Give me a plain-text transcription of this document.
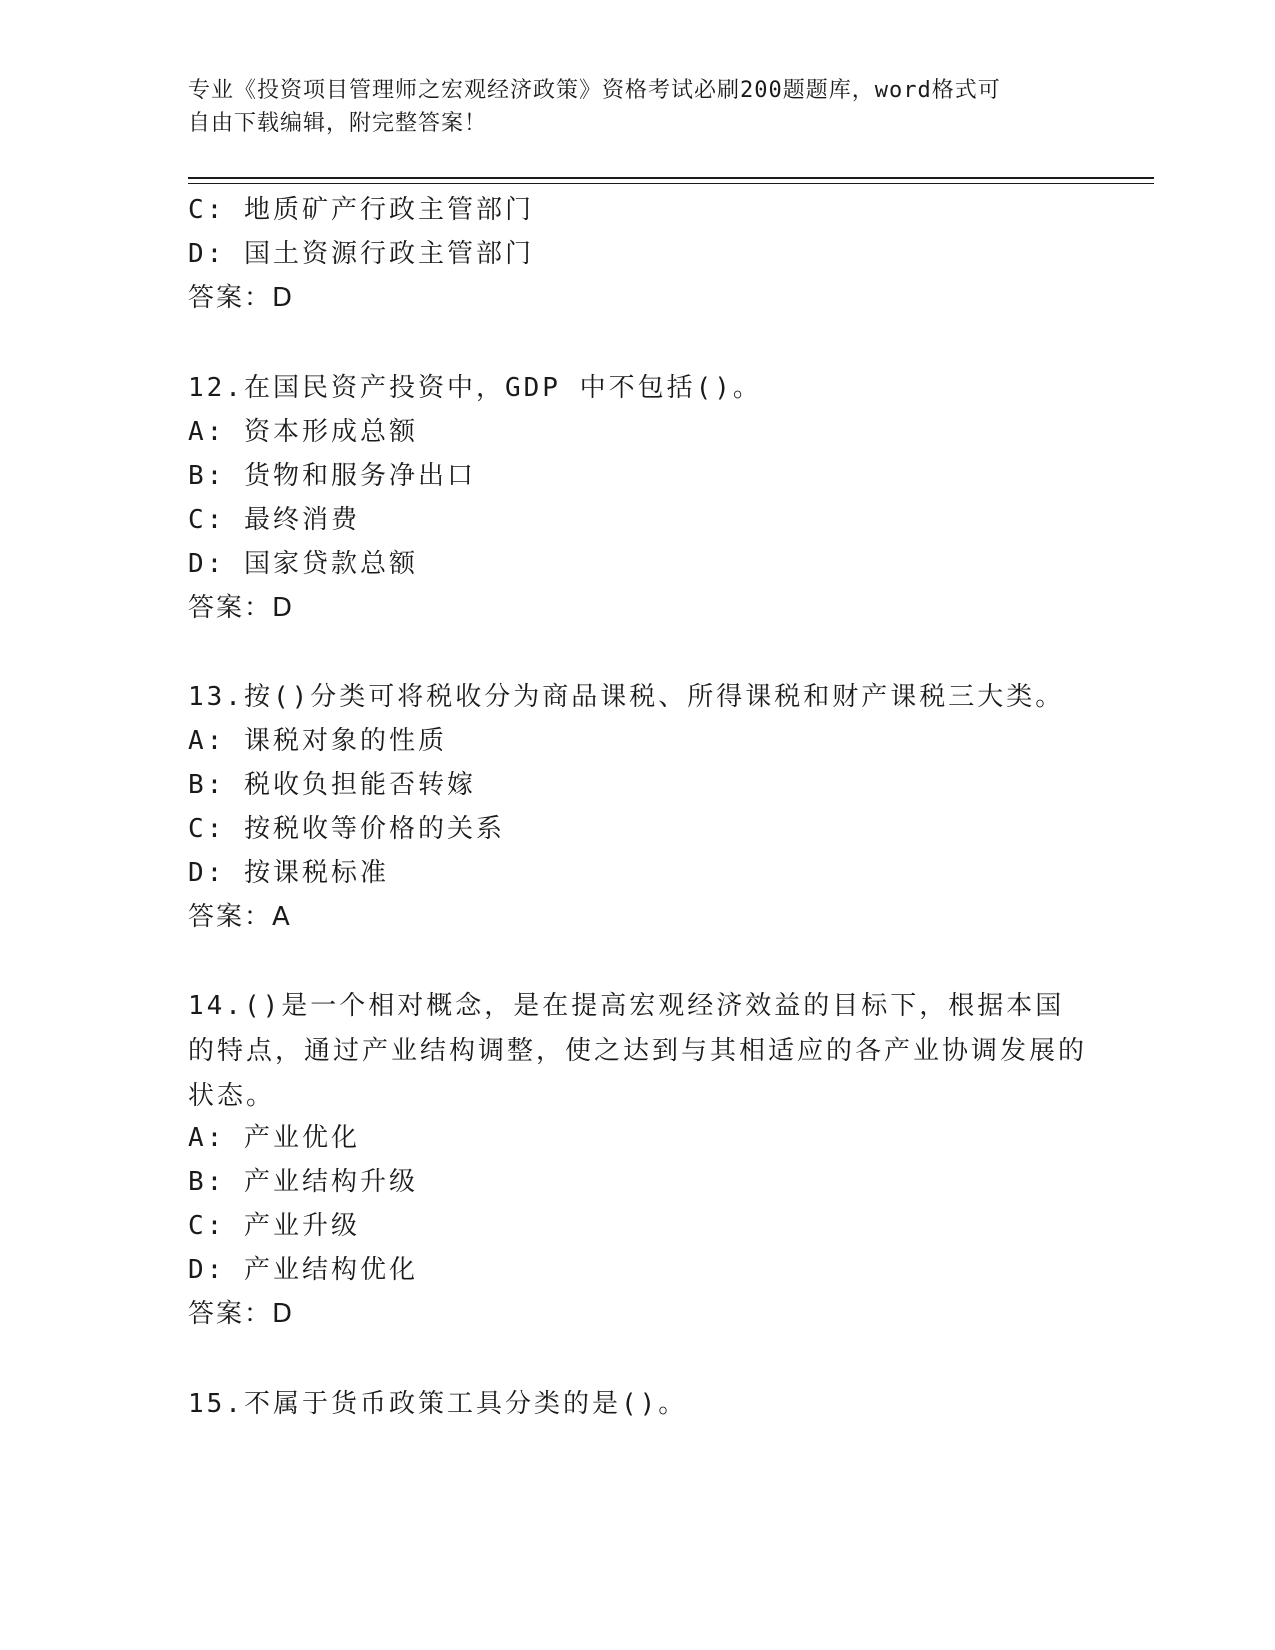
专业《投资项目管理师之宏观经济政策》资格考试必刷200题题库，word格式可
自由下载编辑，附完整答案！
C: 地质矿产行政主管部门
D: 国土资源行政主管部门
答案：D
12.在国民资产投资中，GDP 中不包括()。
A: 资本形成总额
B: 货物和服务净出口
C: 最终消费
D: 国家贷款总额
答案：D
13.按()分类可将税收分为商品课税、所得课税和财产课税三大类。
A: 课税对象的性质
B: 税收负担能否转嫁
C: 按税收等价格的关系
D: 按课税标准
答案：A
14.()是一个相对概念，是在提高宏观经济效益的目标下，根据本国的特点，通过产业结构调整，使之达到与其相适应的各产业协调发展的状态。
A: 产业优化
B: 产业结构升级
C: 产业升级
D: 产业结构优化
答案：D
15.不属于货币政策工具分类的是()。
